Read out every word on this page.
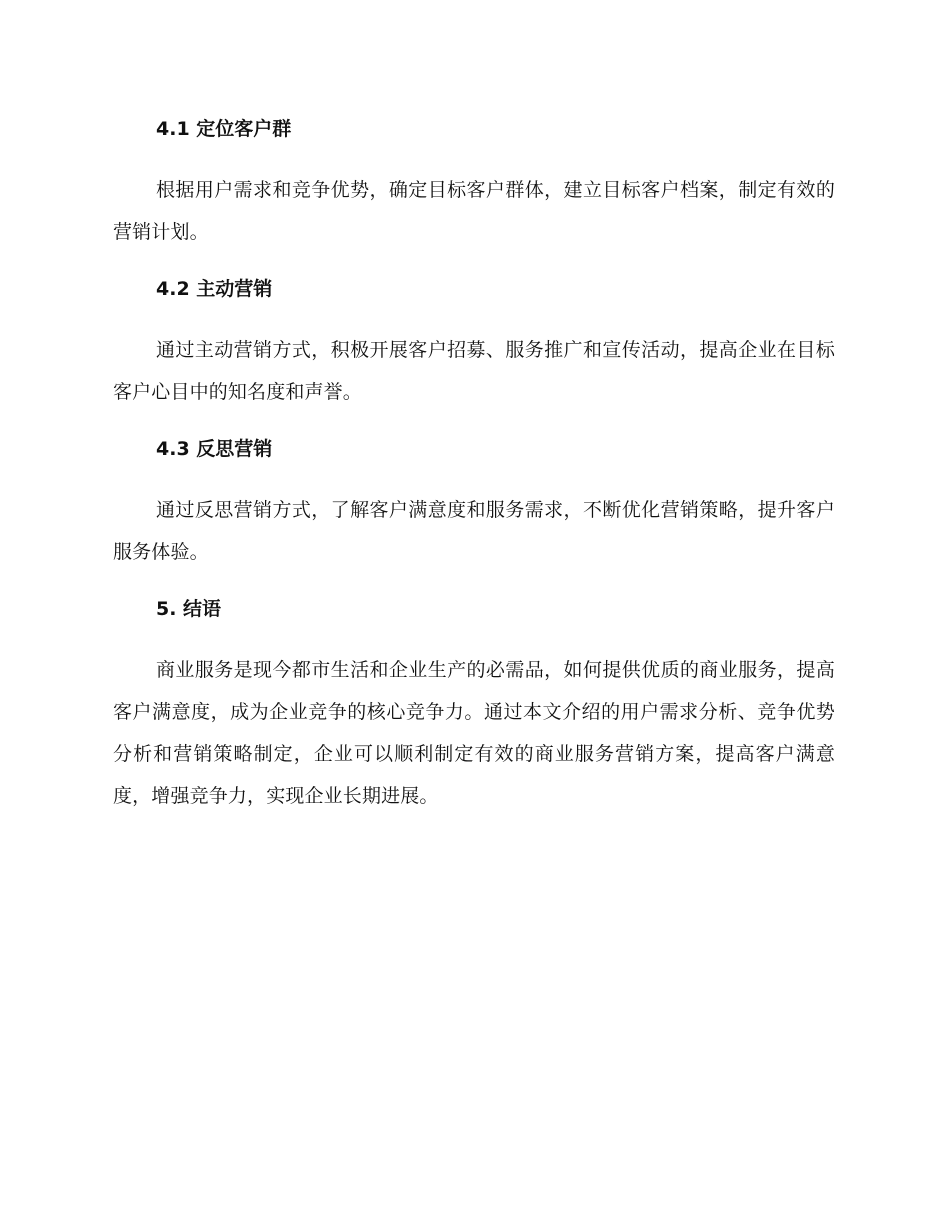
4.1 定位客户群

根据用户需求和竞争优势，确定目标客户群体，建立目标客户档案，制定有效的营销计划。

4.2 主动营销

通过主动营销方式，积极开展客户招募、服务推广和宣传活动，提高企业在目标客户心目中的知名度和声誉。

4.3 反思营销

通过反思营销方式，了解客户满意度和服务需求，不断优化营销策略，提升客户服务体验。

5. 结语

商业服务是现今都市生活和企业生产的必需品，如何提供优质的商业服务，提高客户满意度，成为企业竞争的核心竞争力。通过本文介绍的用户需求分析、竞争优势分析和营销策略制定，企业可以顺利制定有效的商业服务营销方案，提高客户满意度，增强竞争力，实现企业长期进展。
